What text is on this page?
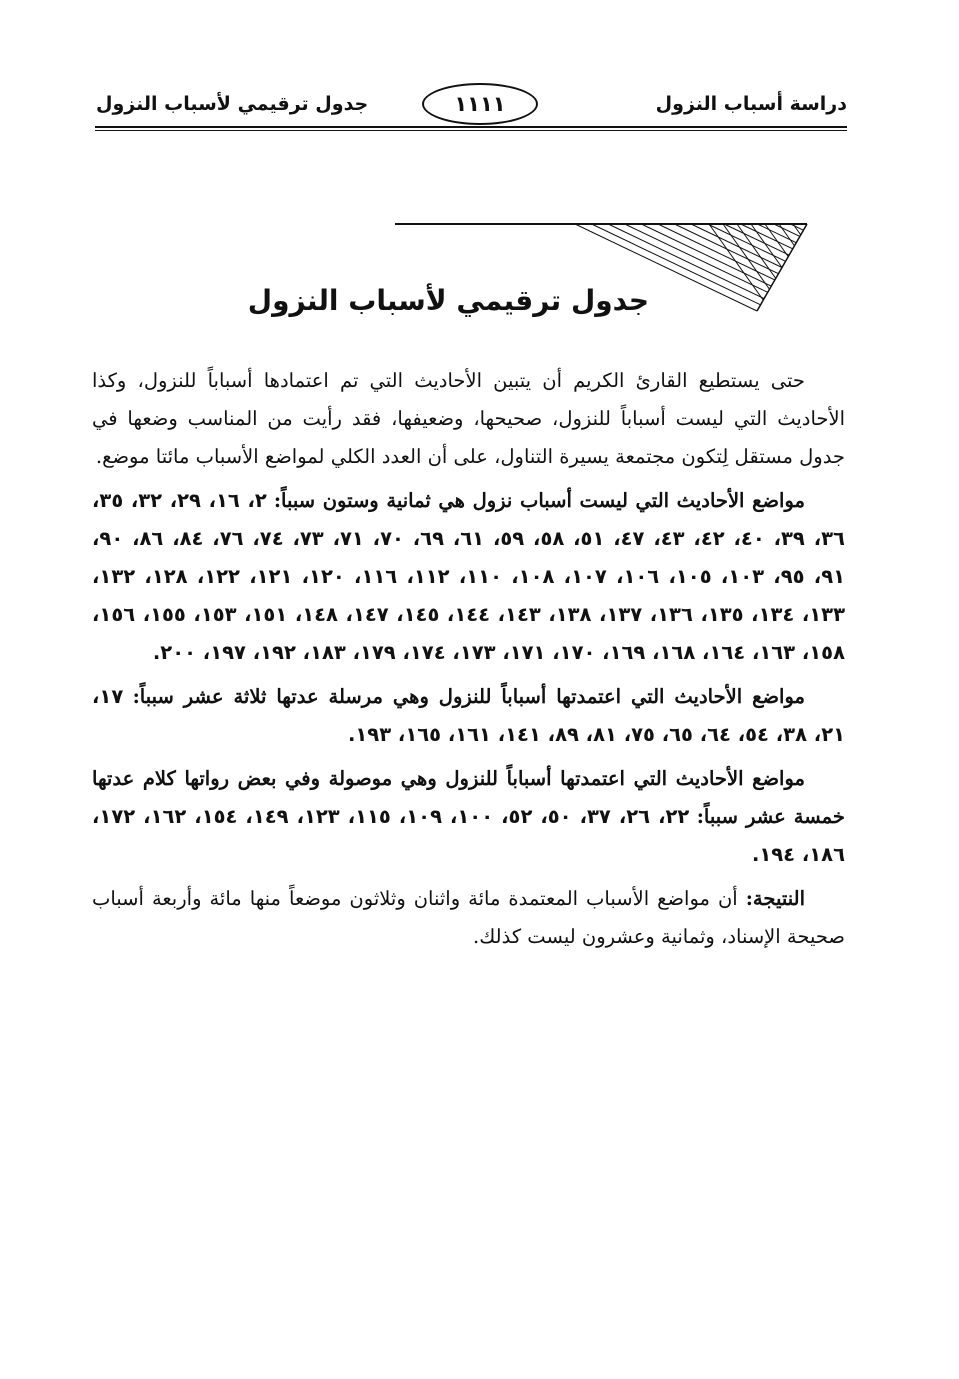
دراسة أسباب النزول
١١١١
جدول ترقيمي لأسباب النزول
جدول ترقيمي لأسباب النزول

حتى يستطيع القارئ الكريم أن يتبين الأحاديث التي تم اعتمادها أسباباً للنزول، وكذا الأحاديث التي ليست أسباباً للنزول، صحيحها، وضعيفها، فقد رأيت من المناسب وضعها في جدول مستقل لِتكون مجتمعة يسيرة التناول، على أن العدد الكلي لمواضع الأسباب مائتا موضع.

مواضع الأحاديث التي ليست أسباب نزول هي ثمانية وستون سبباً: ٢، ١٦، ٢٩، ٣٢، ٣٥، ٣٦، ٣٩، ٤٠، ٤٢، ٤٣، ٤٧، ٥١، ٥٨، ٥٩، ٦١، ٦٩، ٧٠، ٧١، ٧٣، ٧٤، ٧٦، ٨٤، ٨٦، ٩٠، ٩١، ٩٥، ١٠٣، ١٠٥، ١٠٦، ١٠٧، ١٠٨، ١١٠، ١١٢، ١١٦، ١٢٠، ١٢١، ١٢٢، ١٢٨، ١٣٢، ١٣٣، ١٣٤، ١٣٥، ١٣٦، ١٣٧، ١٣٨، ١٤٣، ١٤٤، ١٤٥، ١٤٧، ١٤٨، ١٥١، ١٥٣، ١٥٥، ١٥٦، ١٥٨، ١٦٣، ١٦٤، ١٦٨، ١٦٩، ١٧٠، ١٧١، ١٧٣، ١٧٤، ١٧٩، ١٨٣، ١٩٢، ١٩٧، ٢٠٠.

مواضع الأحاديث التي اعتمدتها أسباباً للنزول وهي مرسلة عدتها ثلاثة عشر سبباً: ١٧، ٢١، ٣٨، ٥٤، ٦٤، ٦٥، ٧٥، ٨١، ٨٩، ١٤١، ١٦١، ١٦٥، ١٩٣.

مواضع الأحاديث التي اعتمدتها أسباباً للنزول وهي موصولة وفي بعض رواتها كلام عدتها خمسة عشر سبباً: ٢٢، ٢٦، ٣٧، ٥٠، ٥٢، ١٠٠، ١٠٩، ١١٥، ١٢٣، ١٤٩، ١٥٤، ١٦٢، ١٧٢، ١٨٦، ١٩٤.

النتيجة: أن مواضع الأسباب المعتمدة مائة واثنان وثلاثون موضعاً منها مائة وأربعة أسباب صحيحة الإسناد، وثمانية وعشرون ليست كذلك.
